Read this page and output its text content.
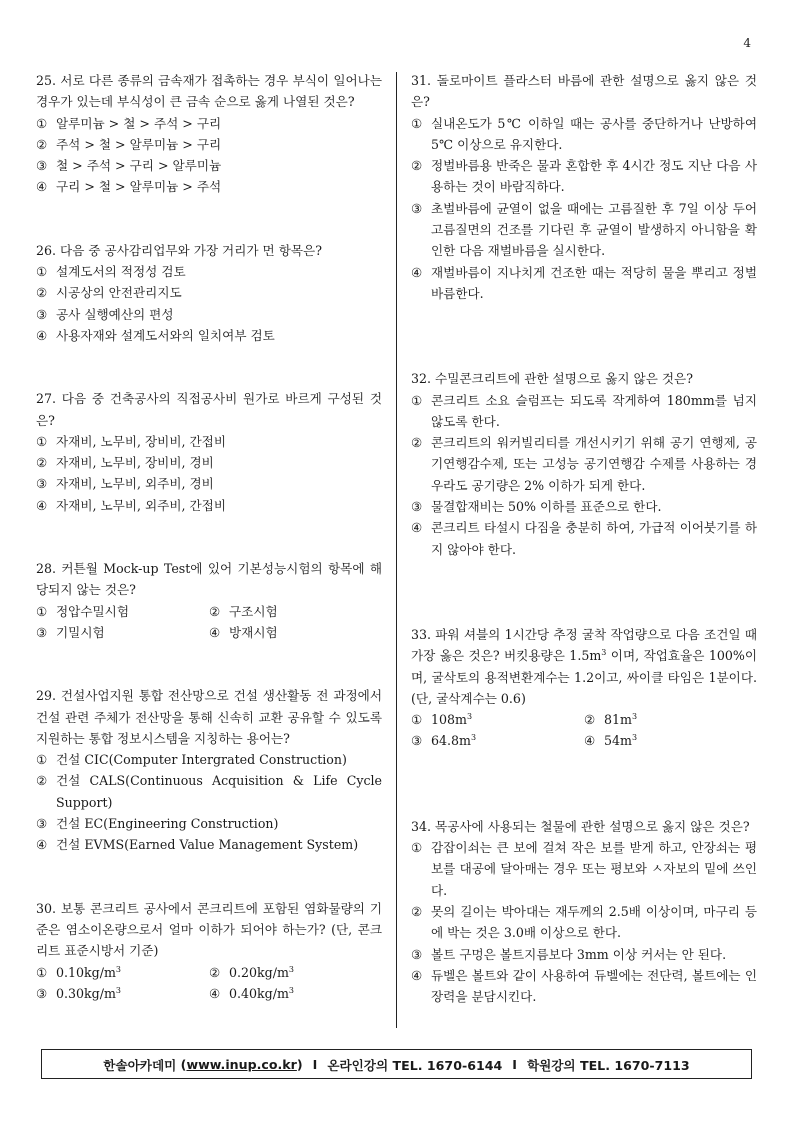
4
25. 서로 다른 종류의 금속재가 접촉하는 경우 부식이 일어나는 경우가 있는데 부식성이 큰 금속 순으로 옳게 나열된 것은?
① 알루미늄 > 철 > 주석 > 구리
② 주석 > 철 > 알루미늄 > 구리
③ 철 > 주석 > 구리 > 알루미늄
④ 구리 > 철 > 알루미늄 > 주석
26. 다음 중 공사감리업무와 가장 거리가 먼 항목은?
① 설계도서의 적정성 검토
② 시공상의 안전관리지도
③ 공사 실행예산의 편성
④ 사용자재와 설계도서와의 일치여부 검토
27. 다음 중 건축공사의 직접공사비 원가로 바르게 구성된 것은?
① 자재비, 노무비, 장비비, 간접비
② 자재비, 노무비, 장비비, 경비
③ 자재비, 노무비, 외주비, 경비
④ 자재비, 노무비, 외주비, 간접비
28. 커튼월 Mock-up Test에 있어 기본성능시험의 항목에 해당되지 않는 것은?
① 정압수밀시험	② 구조시험
③ 기밀시험	④ 방재시험
29. 건설사업지원 통합 전산망으로 건설 생산활동 전 과정에서 건설 관련 주체가 전산망을 통해 신속히 교환 공유할 수 있도록 지원하는 통합 정보시스템을 지칭하는 용어는?
① 건설 CIC(Computer Intergrated Construction)
② 건설 CALS(Continuous Acquisition & Life Cycle Support)
③ 건설 EC(Engineering Construction)
④ 건설 EVMS(Earned Value Management System)
30. 보통 콘크리트 공사에서 콘크리트에 포함된 염화물량의 기준은 염소이온량으로서 얼마 이하가 되어야 하는가? (단, 콘크리트 표준시방서 기준)
① $0.10kg/m^3$	② $0.20kg/m^3$
③ $0.30kg/m^3$	④ $0.40kg/m^3$
31. 돌로마이트 플라스터 바름에 관한 설명으로 옳지 않은 것은?
① 실내온도가 5℃ 이하일 때는 공사를 중단하거나 난방하여 5℃ 이상으로 유지한다.
② 정벌바름용 반죽은 물과 혼합한 후 4시간 정도 지난 다음 사용하는 것이 바람직하다.
③ 초벌바름에 균열이 없을 때에는 고름질한 후 7일 이상 두어 고름질면의 건조를 기다린 후 균열이 발생하지 아니함을 확인한 다음 재벌바름을 실시한다.
④ 재벌바름이 지나치게 건조한 때는 적당히 물을 뿌리고 정벌바름한다.
32. 수밀콘크리트에 관한 설명으로 옳지 않은 것은?
① 콘크리트 소요 슬럼프는 되도록 작게하여 180mm를 넘지 않도록 한다.
② 콘크리트의 워커빌리티를 개선시키기 위해 공기 연행제, 공기연행감수제, 또는 고성능 공기연행감 수제를 사용하는 경우라도 공기량은 2% 이하가 되게 한다.
③ 물결합재비는 50% 이하를 표준으로 한다.
④ 콘크리트 타설시 다짐을 충분히 하여, 가급적 이어붓기를 하지 않아야 한다.
33. 파워 셔블의 1시간당 추정 굴착 작업량으로 다음 조건일 때 가장 옳은 것은? 버킷용량은 $1.5m^3$ 이며, 작업효율은 100%이며, 굴삭토의 용적변환계수는 1.2이고, 싸이클 타임은 1분이다. (단, 굴삭계수는 0.6)
① $108m^3$	② $81m^3$
③ $64.8m^3$	④ $54m^3$
34. 목공사에 사용되는 철물에 관한 설명으로 옳지 않은 것은?
① 감잡이쇠는 큰 보에 걸쳐 작은 보를 받게 하고, 안장쇠는 평보를 대공에 달아매는 경우 또는 평보와 ㅅ자보의 밑에 쓰인다.
② 못의 길이는 박아대는 재두께의 2.5배 이상이며, 마구리 등에 박는 것은 3.0배 이상으로 한다.
③ 볼트 구멍은 볼트지름보다 3mm 이상 커서는 안 된다.
④ 듀벨은 볼트와 같이 사용하여 듀벨에는 전단력, 볼트에는 인장력을 분담시킨다.
한솔아카데미 ( www.inup.co.kr ) I 온라인강의 TEL. 1670-6144 I 학원강의 TEL. 1670-7113
